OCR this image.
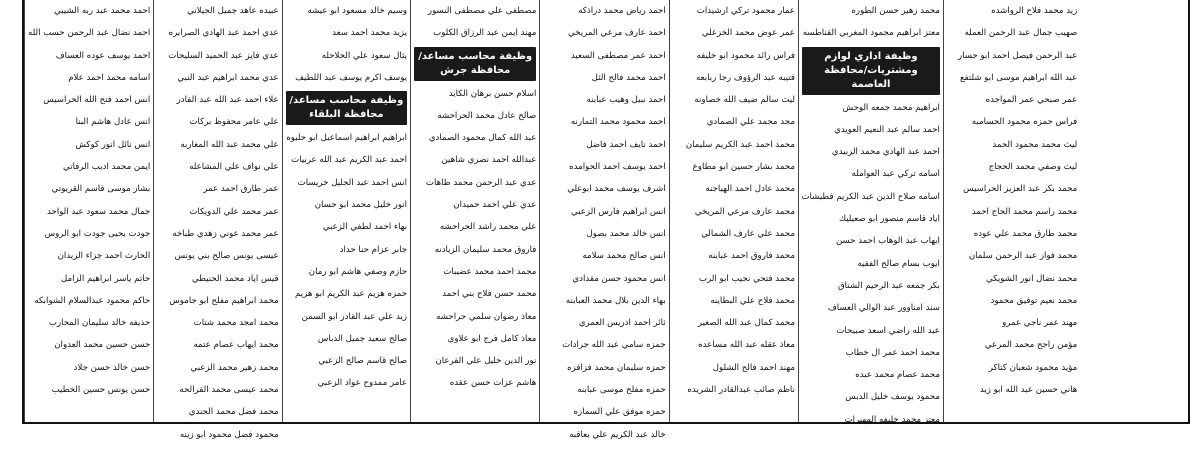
احمد محمد عبد ربه الشيبي
احمد نضال عبد الرحمن حسب الله
احمد يوسف عوده العساف
اسامه محمد احمد علام
انس احمد فتح الله الحراسيس
انس عادل هاشم البنا
انس نائل انور كوكش
ايمن محمد اديب الرفاتي
بشار موسى قاسم القريوتي
جمال محمد سعود عبد الواحد
جودت يحيى جودت ابو الروس
الحارث احمد جزاء الزيدان
حاتم ياسر ابراهيم الزامل
حاكم محمود عبدالسلام الشوابكه
حذيفه خالد سليمان المحارب
حسن حسين محمد العدوان
حسن خالد حسن جلاد
حسن يونس حسين الخطيب
عبيده عاهد جميل الجيلاني
عدي احمد عبد الهادي الصرايره
عدي فايز عبد الحميد السليحات
عدي محمد ابراهيم عبد النبي
علاء احمد عبد الله عبد القادر
علي عامر محفوظ بركات
علي محمد عبد الله المغاربه
علي نواف علي المشاعله
عمر طارق احمد عمر
عمر محمد علي الدويكات
عمر محمد عوني زهدي طباخه
عيسى يونس صالح بني يونس
قيس اياد محمد الحنيطي
محمد ابراهيم مفلح ابو جاموس
محمد امجد محمد شتات
محمد ايهاب عصام عتمه
محمد زهير محمد الزعبي
محمد عيسى محمد القرالحه
محمد فضل محمد الجندي
محمود فضل محمود ابو زينه
وسيم خالد مسعود ابو عيشه
يزيد محمد احمد سعد
يثال سعود علي الحلاحله
يوسف اكرم يوسف عبد اللطيف
وظيفة محاسب مساعد/ محافظة البلقاء
ابراهيم ابراهيم اسماعيل ابو حليوه
احمد عبد الكريم عبد الله عربيات
انس احمد عبد الجليل خريسات
انور خليل محمد ابو حسان
بهاء احمد لطفي الزعبي
جابر عزام حنا حداد
حازم وصفي هاشم ابو رمان
حمزه هزيم عبد الكريم ابو هزيم
زيد علي عبد القادر ابو السمن
صالح سعيد جميل الدباس
صالح قاسم صالح الزعبي
عامر ممدوح عواد الزعبي
مصطفى علي مصطفى النسور
مهند ايمن عبد الرزاق الكلوب
وظيفة محاسب مساعد/ محافظة جرش
اسلام حسن برهان الكايد
صالح عادل محمد الحراحشه
عبد الله كمال محمود الصمادي
عبدالله احمد نصري شاهين
عدي عبد الرحمن محمد طاهات
عدي علي احمد حميدان
علي محمد راشد الحراحشه
فاروق محمد سليمان الزيادنه
محمد احمد محمد عضيبات
محمد حسن فلاح بني احمد
معاذ رضوان سلمي حراحشه
معاذ كامل فرج ابو علاوي
نور الدين خليل علي القرعان
هاشم عزات حسن عقده
احمد رياض محمد دراذكه
احمد عارف مرعي المريخي
احمد عمر مصطفى السعيد
احمد محمد فالح الثل
احمد نبيل وهيب عبابنه
احمد محمود محمد التمارنه
احمد نايف احمد فاضل
احمد يوسف احمد الحوامده
اشرف يوسف محمد ابوعلي
انس ابراهيم فارس الزعبي
انس خالد محمد بصول
انس صالح محمد سلامه
انس محمود حسن مقدادي
بهاء الدين بلال محمد العبابنه
ثائر احمد ادريس العمري
حمزه سامي عبد الله جرادات
حمزه سليمان محمد فزاقزه
حمزه مفلح موسى عبابنه
حمزه موفق علي السماره
خالد عبد الكريم علي يعاقبه
عمار محمود تركي ارشيدات
عمر عوض محمد الخزعلي
فراس رائد محمود ابو خليفه
فتيبه عبد الرؤوف رجا ربابعه
ليث سالم ضيف الله خصاونه
مجد محمد علي الصمادي
محمد احمد عبد الكريم سليمان
محمد بشار حسين ابو مطاوع
محمد عادل احمد الهياجنه
محمد عارف مرعي المريخي
محمد علي عارف الشمالي
محمد فاروق احمد عباينه
محمد فتحي نجيب ابو الرب
محمد فلاح علي البطاينه
محمد كمال عبد الله الصغير
معاذ عقله عبد الله مساعده
مهند احمد فالح الشلول
ناظم صائب عبدالقادر الشريده
محمد زهير حسن الطوره
معتز ابراهيم محمود المغربي القناطسه
وظيفة اداري لوازم ومشتريات/محافظة العاصمة
ابراهيم محمد جمعه الوحش
احمد سالم عبد النعيم العويدي
احمد عبد الهادي محمد الزبيدي
اسامه تركي عبد العوامله
اسامه صلاح الدين عبد الكريم قطيشات
اياد قاسم منصور ابو صعيليك
ايهاب عبد الوهاب احمد حسن
ايوب بسام صالح الفقيه
بكر جمعه عبد الرحيم الشناق
سند امناوور عبد الوالي العساف
عبد الله راضي اسعد صبيحات
محمد احمد عمر ال خطاب
محمد عصام محمد عبده
محمود يوسف خليل الدبس
معتز محمد خليفه المهيرات
زيد محمد فلاح الرواشده
صهيب جمال عبد الرحمن العمله
عبد الرحمن فيصل احمد ابو جسار
عبد الله ابراهيم موسى ابو شلتفع
عمر صبحي عمر المواجده
فراس حمزه محمود الحسامبه
ليث محمد محمود الحمد
ليث وصفي محمد الحجاج
محمد بكر عبد العزيز الحراسيس
محمد راسم محمد الحاج احمد
محمد طارق محمد علي عوده
محمد فواز عبد الرحمن سلمان
محمد نضال انور الشويكي
محمد نعيم توفيق محمود
مهند عمر ناجي عمرو
مؤمن راجح محمد المرعي
مؤيد محمود شعبان كتاكر
هاني حسين عبد الله ابو زيد
